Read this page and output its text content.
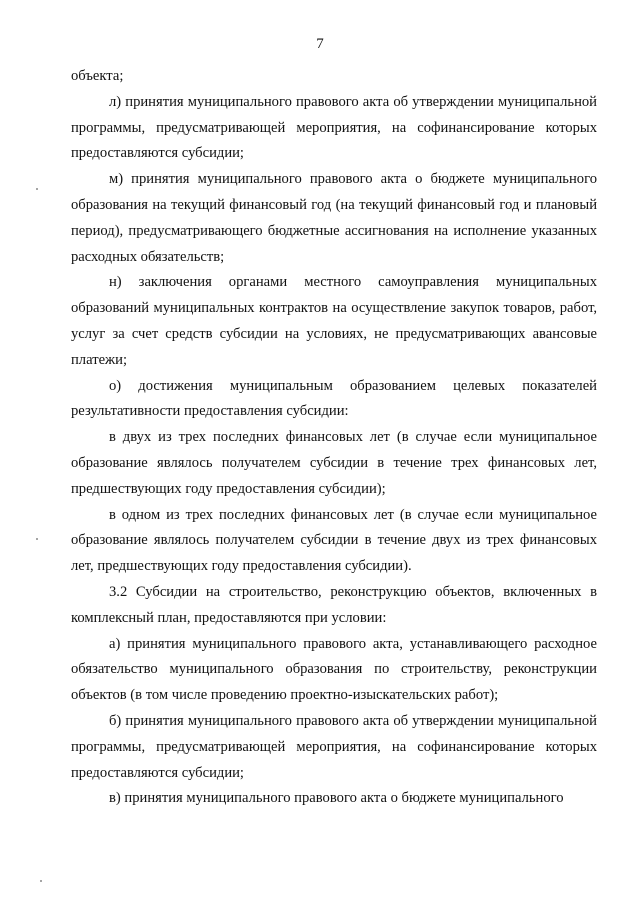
7

объекта;

л) принятия муниципального правового акта об утверждении муниципальной программы, предусматривающей мероприятия, на софинансирование которых предоставляются субсидии;

м) принятия муниципального правового акта о бюджете муниципального образования на текущий финансовый год (на текущий финансовый год и плановый период), предусматривающего бюджетные ассигнования на исполнение указанных расходных обязательств;

н) заключения органами местного самоуправления муниципальных образований муниципальных контрактов на осуществление закупок товаров, работ, услуг за счет средств субсидии на условиях, не предусматривающих авансовые платежи;

о) достижения муниципальным образованием целевых показателей результативности предоставления субсидии:

в двух из трех последних финансовых лет (в случае если муниципальное образование являлось получателем субсидии в течение трех финансовых лет, предшествующих году предоставления субсидии);

в одном из трех последних финансовых лет (в случае если муниципальное образование являлось получателем субсидии в течение двух из трех финансовых лет, предшествующих году предоставления субсидии).

3.2 Субсидии на строительство, реконструкцию объектов, включенных в комплексный план, предоставляются при условии:

а) принятия муниципального правового акта, устанавливающего расходное обязательство муниципального образования по строительству, реконструкции объектов (в том числе проведению проектно-изыскательских работ);

б) принятия муниципального правового акта об утверждении муниципальной программы, предусматривающей мероприятия, на софинансирование которых предоставляются субсидии;

в) принятия муниципального правового акта о бюджете муниципального
